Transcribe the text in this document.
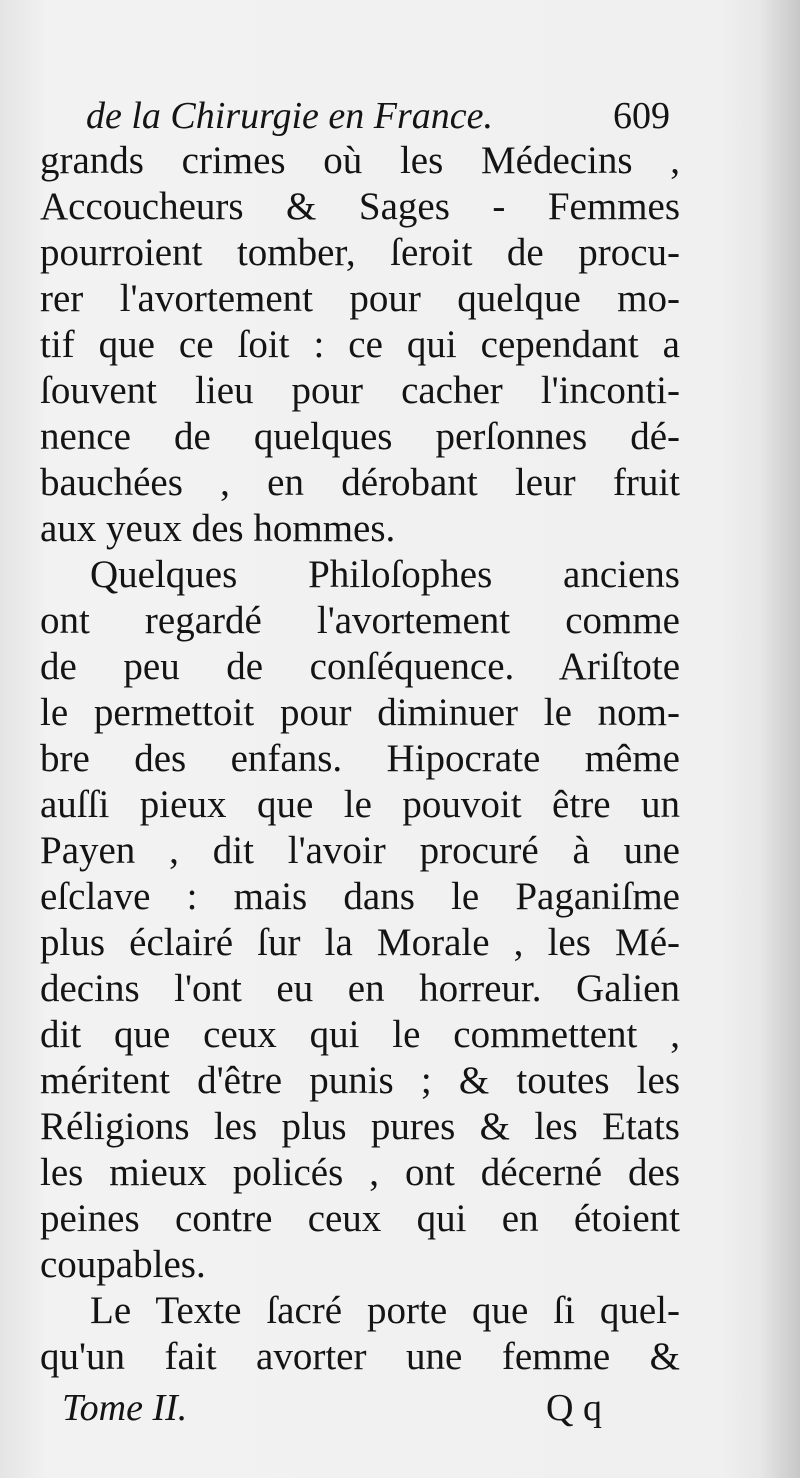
de la Chirurgie en France.	609
grands crimes où les Médecins ,
Accoucheurs & Sages - Femmes
pourroient tomber, ſeroit de procu-
rer l'avortement pour quelque mo-
tif que ce ſoit : ce qui cependant a
ſouvent lieu pour cacher l'inconti-
nence de quelques perſonnes dé-
bauchées , en dérobant leur fruit
aux yeux des hommes.
Quelques Philoſophes anciens
ont regardé l'avortement comme
de peu de conſéquence. Ariſtote
le permettoit pour diminuer le nom-
bre des enfans. Hipocrate même
auſſi pieux que le pouvoit être un
Payen , dit l'avoir procuré à une
eſclave : mais dans le Paganiſme
plus éclairé ſur la Morale , les Mé-
decins l'ont eu en horreur. Galien
dit que ceux qui le commettent ,
méritent d'être punis ; & toutes les
Réligions les plus pures & les Etats
les mieux policés , ont décerné des
peines contre ceux qui en étoient
coupables.
Le Texte ſacré porte que ſi quel-
qu'un fait avorter une femme &
Tome II.	Q q
